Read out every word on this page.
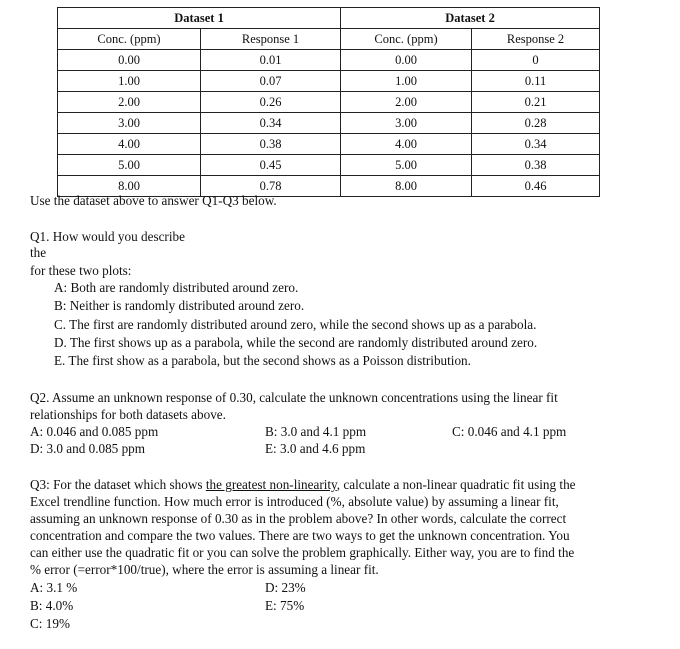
Dataset 1		Dataset 2	
Conc. (ppm)	Response 1	Conc. (ppm)	Response 2
0.00	0.01	0.00	0
1.00	0.07	1.00	0.11
2.00	0.26	2.00	0.21
3.00	0.34	3.00	0.28
4.00	0.38	4.00	0.34
5.00	0.45	5.00	0.38
8.00	0.78	8.00	0.46
Use the dataset above to answer Q1-Q3 below.
Q1. How would you describe
the
for these two plots:
A: Both are randomly distributed around zero.
B: Neither is randomly distributed around zero.
C. The first are randomly distributed around zero, while the second shows up as a parabola.
D. The first shows up as a parabola, while the second are randomly distributed around zero.
E. The first show as a parabola, but the second shows as a Poisson distribution.
Q2. Assume an unknown response of 0.30, calculate the unknown concentrations using the linear fit
relationships for both datasets above.
A: 0.046 and 0.085 ppm	B: 3.0 and 4.1 ppm	C: 0.046 and 4.1 ppm
D: 3.0 and 0.085 ppm	E: 3.0 and 4.6 ppm
Q3: For the dataset which shows the greatest non-linearity, calculate a non-linear quadratic fit using the
Excel trendline function. How much error is introduced (%, absolute value) by assuming a linear fit,
assuming an unknown response of 0.30 as in the problem above? In other words, calculate the correct
concentration and compare the two values. There are two ways to get the unknown concentration. You
can either use the quadratic fit or you can solve the problem graphically. Either way, you are to find the
% error (=error*100/true), where the error is assuming a linear fit.
A: 3.1 %	D: 23%
B: 4.0%	E: 75%
C: 19%
